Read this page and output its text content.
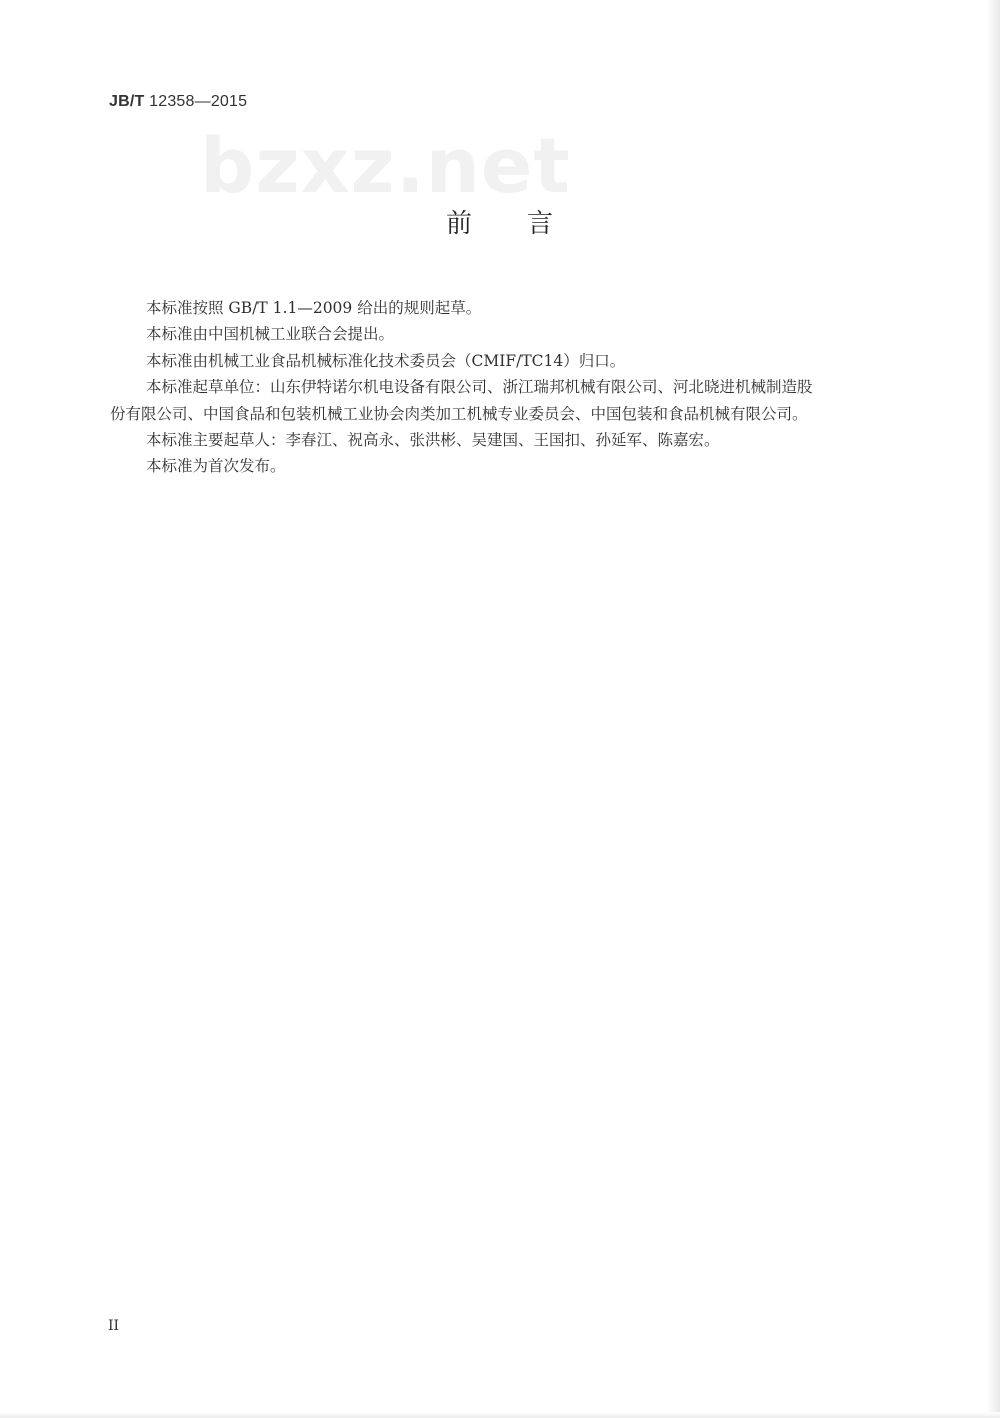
JB/T 12358—2015
bzxz.net
前 言

本标准按照 GB/T 1.1—2009 给出的规则起草。

本标准由中国机械工业联合会提出。

本标准由机械工业食品机械标准化技术委员会（CMIF/TC14）归口。

本标准起草单位：山东伊特诺尔机电设备有限公司、浙江瑞邦机械有限公司、河北晓进机械制造股

份有限公司、中国食品和包装机械工业协会肉类加工机械专业委员会、中国包装和食品机械有限公司。

本标准主要起草人：李春江、祝高永、张洪彬、吴建国、王国扣、孙延军、陈嘉宏。

本标准为首次发布。

II
